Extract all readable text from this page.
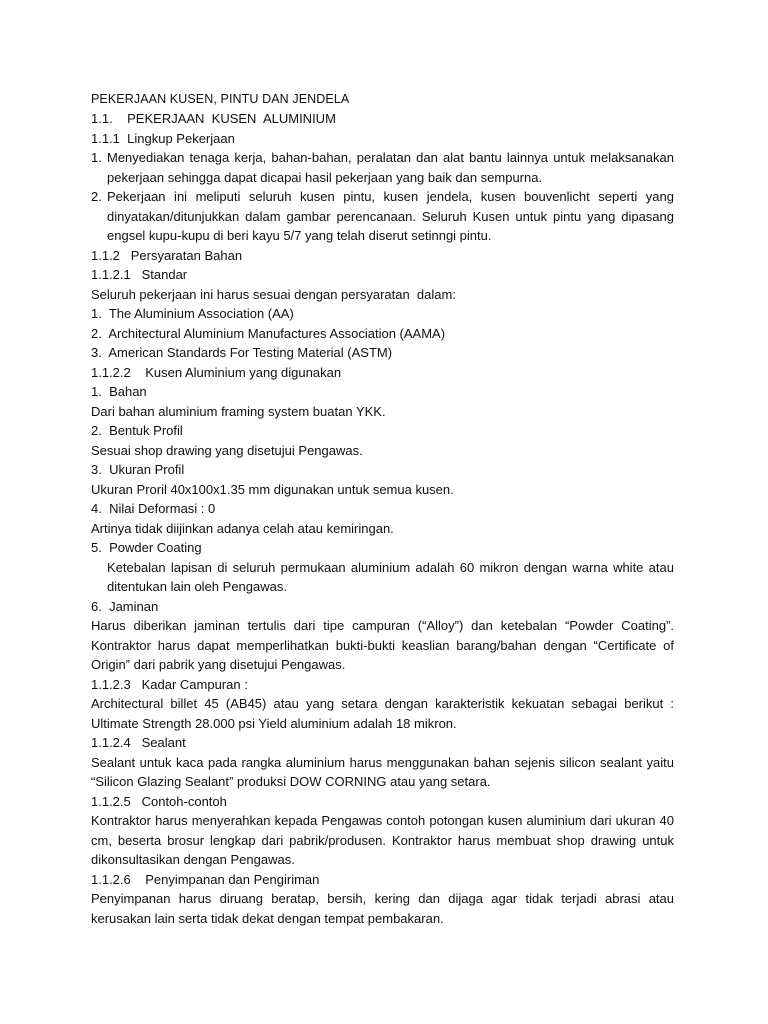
PEKERJAAN KUSEN, PINTU DAN JENDELA
1.1.    PEKERJAAN  KUSEN  ALUMINIUM
1.1.1  Lingkup Pekerjaan
1. Menyediakan tenaga kerja, bahan-bahan, peralatan dan alat bantu lainnya untuk melaksanakan pekerjaan sehingga dapat dicapai hasil pekerjaan yang baik dan sempurna.
2. Pekerjaan ini meliputi seluruh kusen pintu, kusen jendela, kusen bouvenlicht seperti yang dinyatakan/ditunjukkan dalam gambar perencanaan. Seluruh Kusen untuk pintu yang dipasang engsel kupu-kupu di beri kayu 5/7 yang telah diserut setinngi pintu.
1.1.2   Persyaratan Bahan
1.1.2.1   Standar
Seluruh pekerjaan ini harus sesuai dengan persyaratan  dalam:
1.  The Aluminium Association (AA)
2.  Architectural Aluminium Manufactures Association (AAMA)
3.  American Standards For Testing Material (ASTM)
1.1.2.2    Kusen Aluminium yang digunakan
1.  Bahan
Dari bahan aluminium framing system buatan YKK.
2.  Bentuk Profil
Sesuai shop drawing yang disetujui Pengawas.
3.  Ukuran Profil
Ukuran Proril 40x100x1.35 mm digunakan untuk semua kusen.
4.  Nilai Deformasi : 0
Artinya tidak diijinkan adanya celah atau kemiringan.
5.  Powder Coating
Ketebalan lapisan di seluruh permukaan aluminium adalah 60 mikron dengan warna white atau ditentukan lain oleh Pengawas.
6.  Jaminan
Harus diberikan jaminan tertulis dari tipe campuran (“Alloy”) dan ketebalan “Powder Coating”. Kontraktor harus dapat memperlihatkan bukti-bukti keaslian barang/bahan dengan “Certificate of Origin” dari pabrik yang disetujui Pengawas.
1.1.2.3   Kadar Campuran :
Architectural billet 45 (AB45) atau yang setara dengan karakteristik kekuatan sebagai berikut : Ultimate Strength 28.000 psi Yield aluminium adalah 18 mikron.
1.1.2.4   Sealant
Sealant untuk kaca pada rangka aluminium harus menggunakan bahan sejenis silicon sealant yaitu “Silicon Glazing Sealant” produksi DOW CORNING atau yang setara.
1.1.2.5   Contoh-contoh
Kontraktor harus menyerahkan kepada Pengawas contoh potongan kusen aluminium dari ukuran 40 cm, beserta brosur lengkap dari pabrik/produsen. Kontraktor harus membuat shop drawing untuk dikonsultasikan dengan Pengawas.
1.1.2.6    Penyimpanan dan Pengiriman
Penyimpanan harus diruang beratap, bersih, kering dan dijaga agar tidak terjadi abrasi atau kerusakan lain serta tidak dekat dengan tempat pembakaran.
